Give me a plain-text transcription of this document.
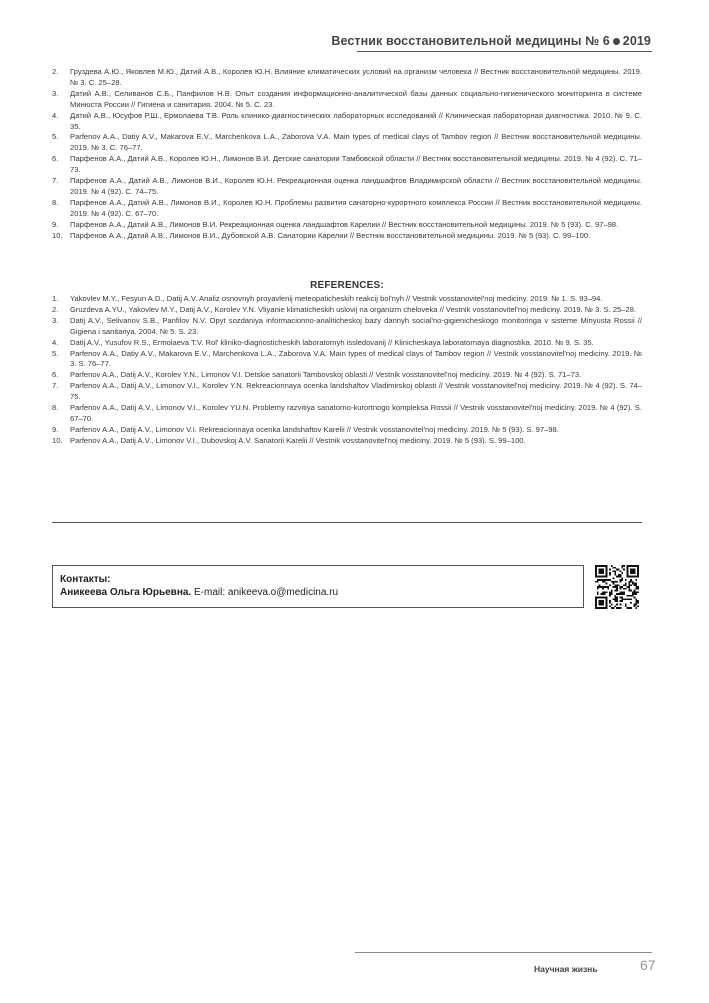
Вестник восстановительной медицины № 6 2019
2. Груздева А.Ю., Яковлев М.Ю., Датий А.В., Королев Ю.Н. Влияние климатических условий на организм человека // Вестник восстановительной медицины. 2019. № 3. С. 25–28.
3. Датий А.В., Селиванов С.Б., Панфилов Н.В. Опыт создания информационно-аналитической базы данных социально-гигиенического мониторинга в системе Минюста России // Гигиена и санитария. 2004. № 5. С. 23.
4. Датий А.В., Юсуфов Р.Ш., Ермолаева Т.В. Роль клинико-диагностических лабораторных исследований // Клиническая лабораторная диагностика. 2010. № 9. С. 35.
5. Parfenov A.A., Datiy A.V., Makarova E.V., Marchenkova L.A., Zaborova V.A. Main types of medical clays of Tambov region // Вестник восстановительной медицины. 2019. № 3. С. 76–77.
6. Парфенов А.А., Датий А.В., Королев Ю.Н., Лимонов В.И. Детские санатории Тамбовской области // Вестник восстановительной медицины. 2019. № 4 (92). С. 71–73.
7. Парфенов А.А., Датий А.В., Лимонов В.И., Королев Ю.Н. Рекреационная оценка ландшафтов Владимирской области // Вестник восстановительной медицины. 2019. № 4 (92). С. 74–75.
8. Парфенов А.А., Датий А.В., Лимонов В.И., Королев Ю.Н. Проблемы развития санаторно-курортного комплекса России // Вестник восстановительной медицины. 2019. № 4 (92). С. 67–70.
9. Парфенов А.А., Датий А.В., Лимонов В.И. Рекреационная оценка ландшафтов Карелии // Вестник восстановительной медицины. 2019. № 5 (93). С. 97–98.
10. Парфенов А.А., Датий А.В., Лимонов В.И., Дубовской А.В. Санатории Карелии // Вестник восстановительной медицины. 2019. № 5 (93). С. 99–100.
REFERENCES:
1. Yakovlev M.Y., Fesyun A.D., Datij A.V. Analiz osnovnyh proyavlenij meteopaticheskih reakcij bol'nyh // Vestnik vosstanovitel'noj mediciny. 2019. № 1. S. 93–94.
2. Gruzdeva A.YU., Yakovlev M.Y., Datij A.V., Korolev Y.N. Vliyanie klimaticheskih uslovij na organizm cheloveka // Vestnik vosstanovitel'noj mediciny. 2019. № 3. S. 25–28.
3. Datij A.V., Selivanov S.B., Panfilov N.V. Opyt sozdaniya informacionno-analiticheskoj bazy dannyh social'no-gigienicheskogo monitoringa v sisteme Minyusta Rossii // Gigiena i sanitariya. 2004. № 5. S. 23.
4. Datij A.V., Yusufov R.S., Ermolaeva T.V. Rol' kliniko-diagnosticheskih laboratornyh issledovanij // Klinicheskaya laboratornaya diagnostika. 2010. № 9. S. 35.
5. Parfenov A.A., Datiy A.V., Makarova E.V., Marchenkova L.A., Zaborova V.A. Main types of medical clays of Tambov region // Vestnik vosstanovitel'noj mediciny. 2019. № 3. S. 76–77.
6. Parfenov A.A., Datij A.V., Korolev Y.N., Limonov V.I. Detskie sanatorii Tambovskoj oblasti // Vestnik vosstanovitel'noj mediciny. 2019. № 4 (92). S. 71–73.
7. Parfenov A.A., Datij A.V., Limonov V.I., Korolev Y.N. Rekreacionnaya ocenka landshaftov Vladimirskoj oblasti // Vestnik vosstanovitel'noj mediciny. 2019. № 4 (92). S. 74–75.
8. Parfenov A.A., Datij A.V., Limonov V.I., Korolev YU.N. Problemy razvitiya sanatorno-kurortnogo kompleksa Rossii // Vestnik vosstanovitel'noj mediciny. 2019. № 4 (92). S. 67–70.
9. Parfenov A.A., Datij A.V., Limonov V.I. Rekreacionnaya ocenka landshaftov Karelii // Vestnik vosstanovitel'noj mediciny. 2019. № 5 (93). S. 97–98.
10. Parfenov A.A., Datij A.V., Limonov V.I., Dubovskoj A.V. Sanatorii Karelii // Vestnik vosstanovitel'noj mediciny. 2019. № 5 (93). S. 99–100.
Контакты:
Аникеева Ольга Юрьевна. E-mail: anikeeva.o@medicina.ru
Научная жизнь	67
